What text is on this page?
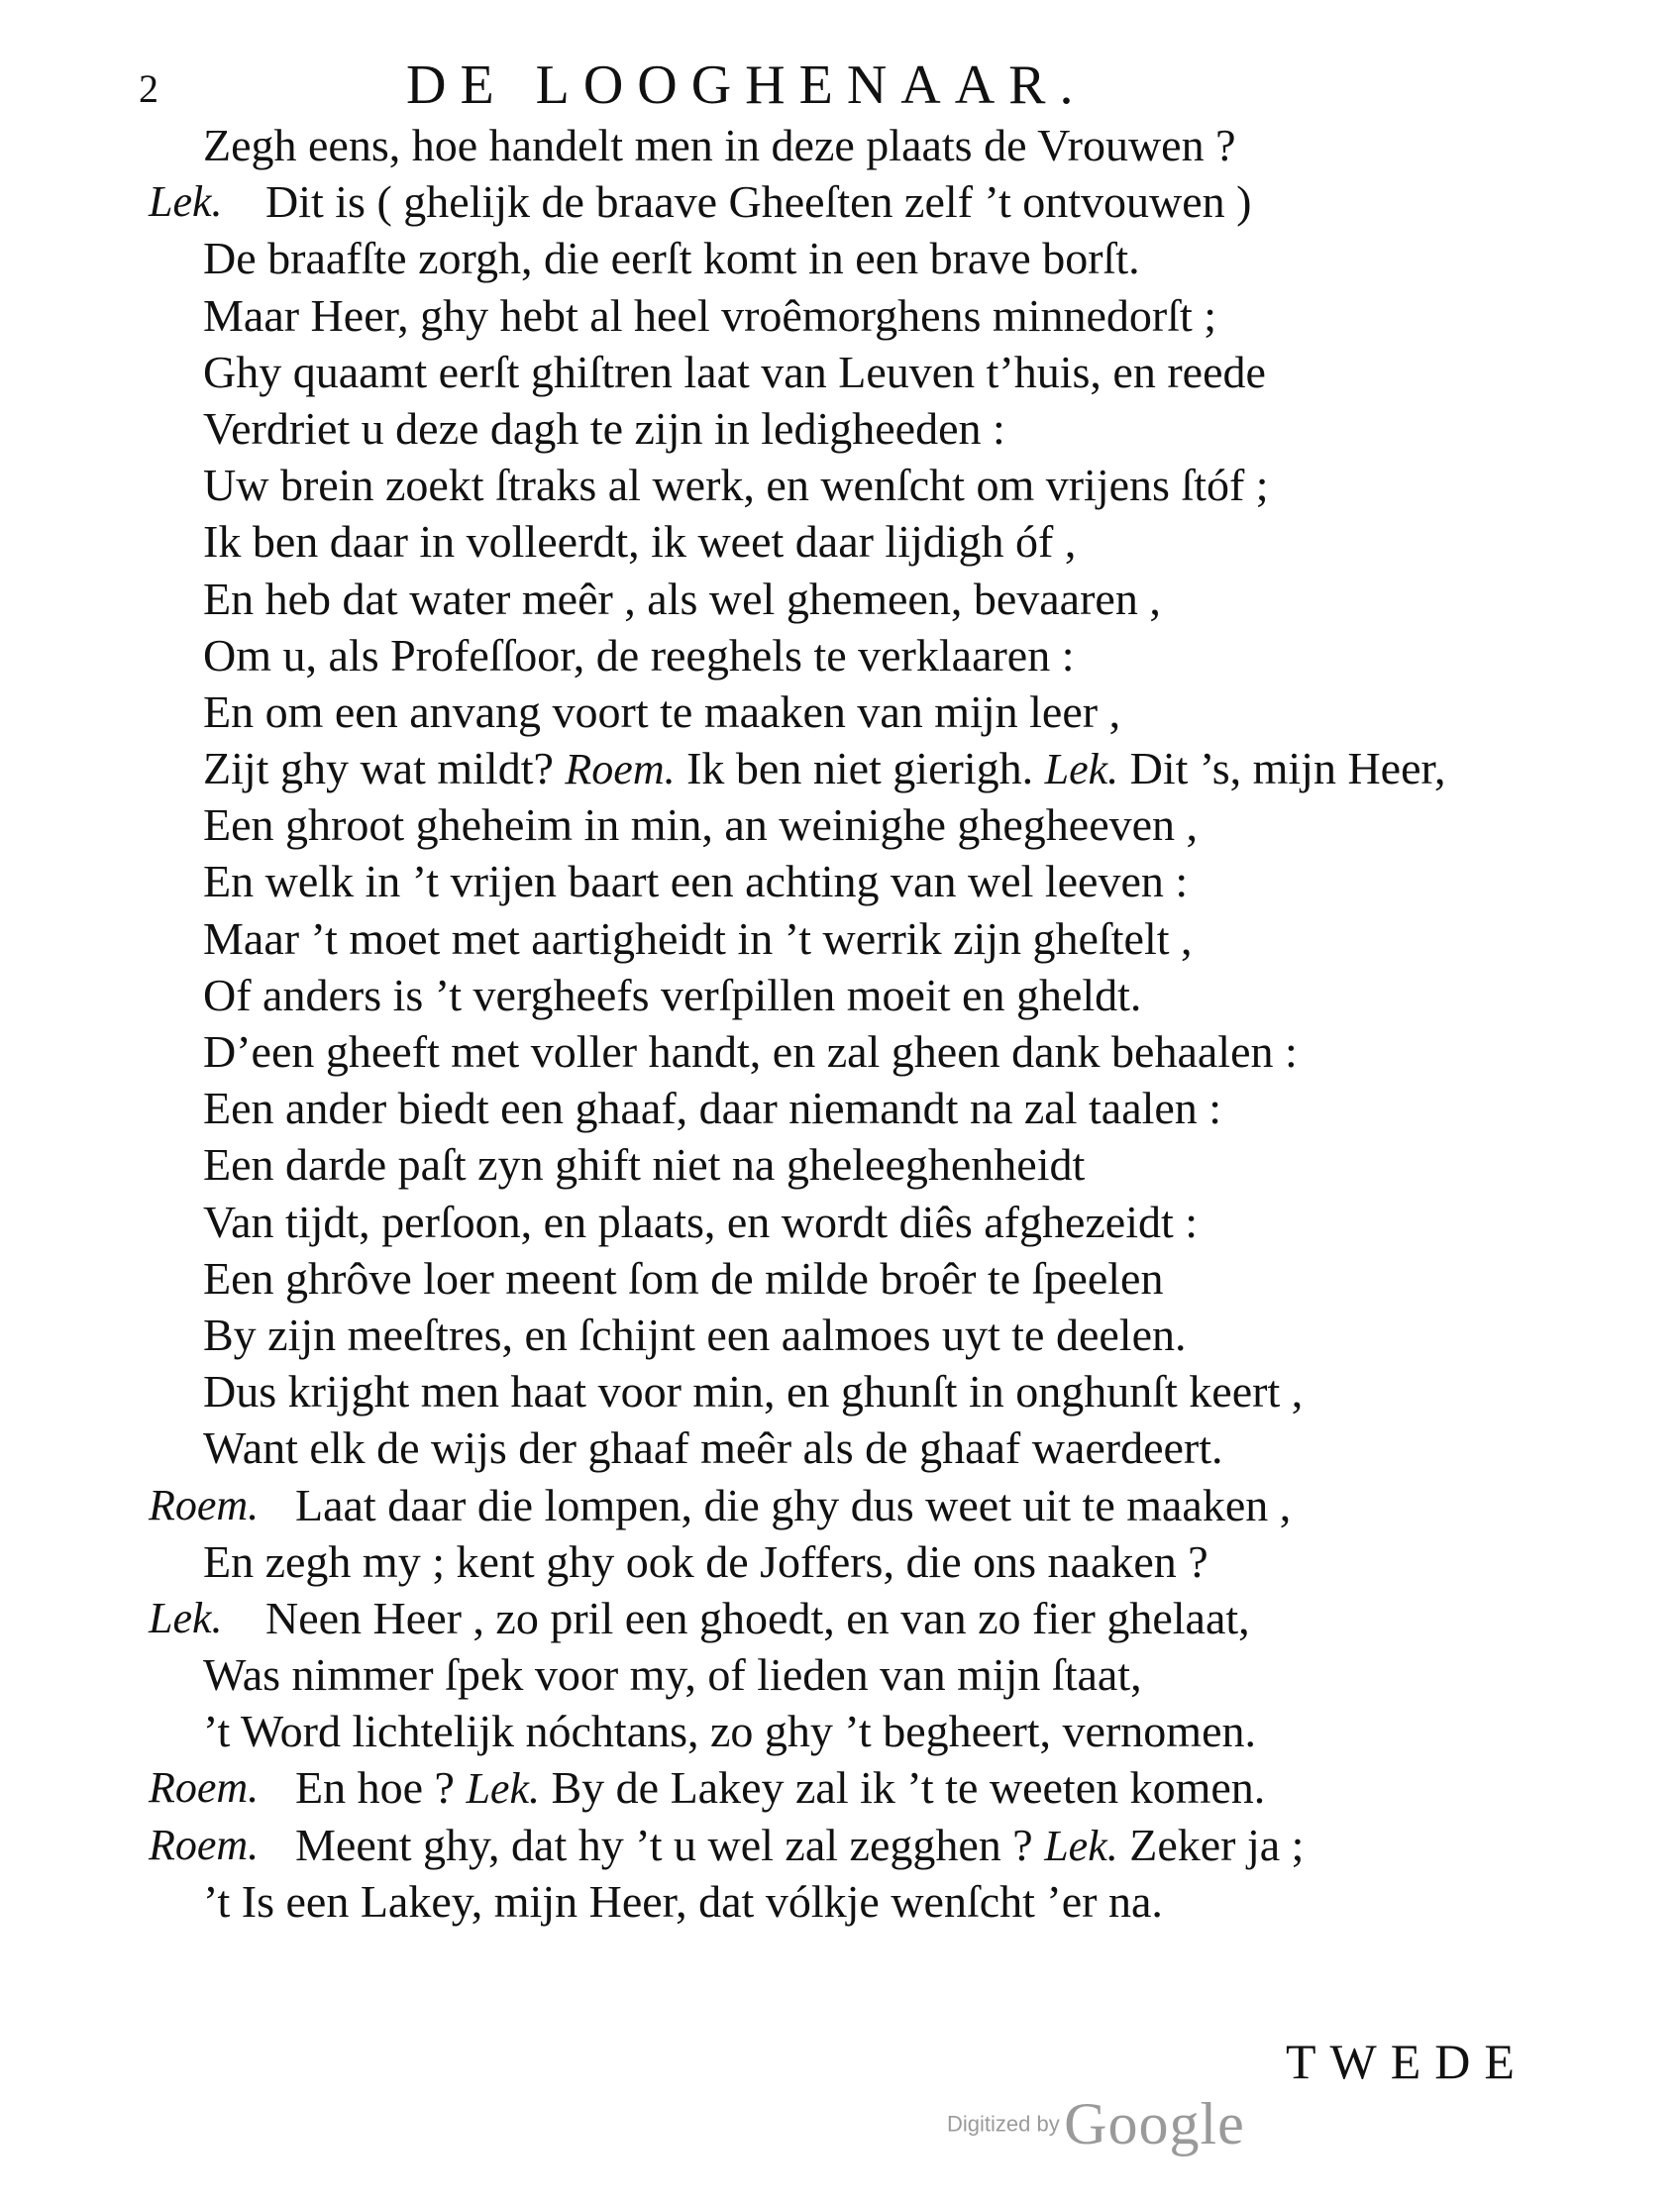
2	DE LOOGHENAAR.
Zegh eens, hoe handelt men in deze plaats de Vrouwen ?
Lek. Dit is ( ghelijk de braave Gheeſten zelf ’t ontvouwen )
De braafſte zorgh, die eerſt komt in een brave borſt.
Maar Heer, ghy hebt al heel vroêmorghens minnedorſt ;
Ghy quaamt eerſt ghiſtren laat van Leuven t’huis, en reede
Verdriet u deze dagh te zijn in ledigheeden :
Uw brein zoekt ſtraks al werk, en wenſcht om vrijens ſtóf ;
Ik ben daar in volleerdt, ik weet daar lijdigh óf ,
En heb dat water meêr , als wel ghemeen, bevaaren ,
Om u, als Profeſſoor, de reeghels te verklaaren :
En om een anvang voort te maaken van mijn leer ,
Zijt ghy wat mildt? Roem. Ik ben niet gierigh. Lek. Dit ’s, mijn Heer,
Een ghroot gheheim in min, an weinighe ghegheeven ,
En welk in ’t vrijen baart een achting van wel leeven :
Maar ’t moet met aartigheidt in ’t werrik zijn gheſtelt ,
Of anders is ’t vergheefs verſpillen moeit en gheldt.
D’een gheeft met voller handt, en zal gheen dank behaalen :
Een ander biedt een ghaaf, daar niemandt na zal taalen :
Een darde paſt zyn ghift niet na gheleeghenheidt
Van tijdt, perſoon, en plaats, en wordt diês afghezeidt :
Een ghrôve loer meent ſom de milde broêr te ſpeelen
By zijn meeſtres, en ſchijnt een aalmoes uyt te deelen.
Dus krijght men haat voor min, en ghunſt in onghunſt keert ,
Want elk de wijs der ghaaf meêr als de ghaaf waerdeert.
Roem. Laat daar die lompen, die ghy dus weet uit te maaken ,
En zegh my ; kent ghy ook de Joffers, die ons naaken ?
Lek. Neen Heer , zo pril een ghoedt, en van zo fier ghelaat,
Was nimmer ſpek voor my, of lieden van mijn ſtaat,
’t Word lichtelijk nóchtans, zo ghy ’t begheert, vernomen.
Roem. En hoe ? Lek. By de Lakey zal ik ’t te weeten komen.
Roem. Meent ghy, dat hy ’t u wel zal zegghen ? Lek. Zeker ja ;
’t Is een Lakey, mijn Heer, dat vólkje wenſcht ’er na.
TWEDE
Digitized by Google
